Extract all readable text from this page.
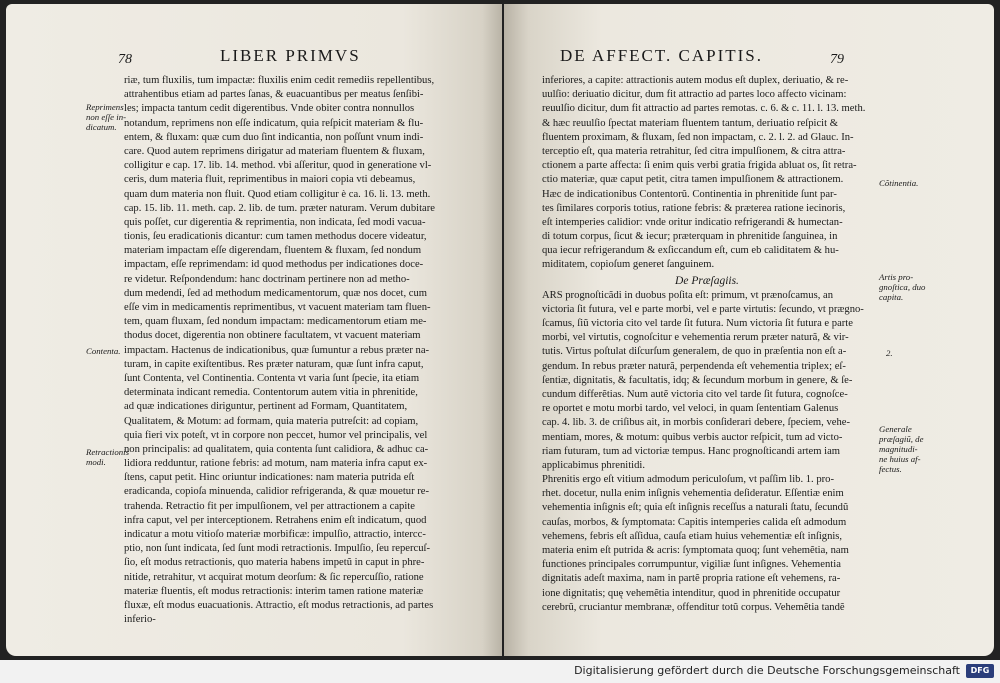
78	LIBER PRIMVS
Reprimens
non eſſe in-
dicatum.
Contenta.
Retractionis
modi.
riæ, tum fluxilis, tum impactæ: fluxilis enim cedit remediis repellentibus,
attrahentibus etiam ad partes ſanas, & euacuantibus per meatus ſenſibi-
les; impacta tantum cedit digerentibus. Vnde obiter contra nonnullos
notandum, reprimens non eſſe indicatum, quia reſpicit materiam & flu-
entem, & fluxam: quæ cum duo ſint indicantia, non poſſunt vnum indi-
care. Quod autem reprimens dirigatur ad materiam fluentem & fluxam,
colligitur e cap. 17. lib. 14. method. vbi aſſeritur, quod in generatione vl-
ceris, dum materia fluit, reprimentibus in maiori copia vti debeamus,
quam dum materia non fluit. Quod etiam colligitur è ca. 16. li. 13. meth.
cap. 15. lib. 11. meth. cap. 2. lib. de tum. præter naturam. Verum dubitare
quis poſſet, cur digerentia & reprimentia, non indicata, ſed modi vacua-
tionis, ſeu eradicationis dicantur: cum tamen methodus docere videatur,
materiam impactam eſſe digerendam, fluentem & fluxam, ſed nondum
impactam, eſſe reprimendam: id quod methodus per indicationes doce-
re videtur. Reſpondendum: hanc doctrinam pertinere non ad metho-
dum medendi, ſed ad methodum medicamentorum, quæ nos docet, cum
eſſe vim in medicamentis reprimentibus, vt vacuent materiam tam fluen-
tem, quam fluxam, ſed nondum impactam: medicamentorum etiam me-
thodus docet, digerentia non obtinere facultatem, vt vacuent materiam
impactam. Hactenus de indicationibus, quæ ſumuntur a rebus præter na-
turam, in capite exiſtentibus. Res præter naturam, quæ ſunt infra caput,
ſunt Contenta, vel Continentia. Contenta vt varia ſunt ſpecie, ita etiam
determinata indicant remedia. Contentorum autem vitia in phrenitide,
ad quæ indicationes diriguntur, pertinent ad Formam, Quantitatem,
Qualitatem, & Motum: ad formam, quia materia putreſcit: ad copiam,
quia fieri vix poteſt, vt in corpore non peccet, humor vel principalis, vel
non principalis: ad qualitatem, quia contenta ſunt calidiora, & adhuc ca-
lidiora redduntur, ratione febris: ad motum, nam materia infra caput ex-
ſtens, caput petit. Hinc oriuntur indicationes: nam materia putrida eſt
eradicanda, copioſa minuenda, calidior refrigeranda, & quæ mouetur re-
trahenda. Retractio fit per impulſionem, vel per attractionem a capite
infra caput, vel per interceptionem. Retrahens enim eſt indicatum, quod
indicatur a motu vitioſo materiæ morbificæ: impulſio, attractio, intercc-
ptio, non ſunt indicata, ſed ſunt modi retractionis. Impulſio, ſeu repercuſ-
ſio, eſt modus retractionis, quo materia habens impetũ in caput in phre-
nitide, retrahitur, vt acquirat motum deorſum: & ſic repercuſſio, ratione
materiæ fluentis, eſt modus retractionis: interim tamen ratione materiæ
fluxæ, eſt modus euacuationis. Attractio, eſt modus retractionis, ad partes
inferio-
DE AFFECT. CAPITIS.	79
inferiores, a capite: attractionis autem modus eſt duplex, deriuatio, & re-
uulſio: deriuatio dicitur, dum fit attractio ad partes loco affecto vicinam:
reuulſio dicitur, dum fit attractio ad partes remotas. c. 6. & c. 11. l. 13. meth.
& hæc reuulſio ſpectat materiam fluentem tantum, deriuatio reſpicit &
fluentem proximam, & fluxam, ſed non impactam, c. 2. l. 2. ad Glauc. In-
terceptio eſt, qua materia retrahitur, ſed citra impulſionem, & citra attra-
ctionem a parte affecta: ſi enim quis verbi gratia frigida abluat os, ſit retra-
ctio materiæ, quæ caput petit, citra tamen impulſionem & attractionem.
Hæc de indicationibus Contentorũ. Continentia in phrenitide ſunt par-
tes ſimilares corporis totius, ratione febris: & præterea ratione iecinoris,
eſt intemperies calidior: vnde oritur indicatio refrigerandi & humectan-
di totum corpus, ſicut & iecur; præterquam in phrenitide ſanguinea, in
qua iecur refrigerandum & exſiccandum eſt, cum eb caliditatem & hu-
miditatem, copioſum generet ſanguinem.
De Præſagiis.
ARS prognoſticãdi in duobus poſita eſt: primum, vt prænoſcamus, an
victoria ſit futura, vel e parte morbi, vel e parte virtutis: ſecundo, vt prægno-
ſcamus, ſiũ victoria cito vel tarde ſit futura. Num victoria ſit futura e parte
morbi, vel virtutis, cognoſcitur e vehementia rerum præter naturã, & vir-
tutis. Virtus poſtulat diſcurſum generalem, de quo in præſentia non eſt a-
gendum. In rebus præter naturã, perpendenda eſt vehementia triplex; eſ-
ſentiæ, dignitatis, & facultatis, idq; & ſecundum morbum in genere, & ſe-
cundum differẽtias. Num autẽ victoria cito vel tarde ſit futura, cognoſce-
re oportet e motu morbi tardo, vel veloci, in quam ſententiam Galenus
cap. 4. lib. 3. de criſibus ait, in morbis conſiderari debere, ſpeciem, vehe-
mentiam, mores, & motum: quibus verbis auctor reſpicit, tum ad victo-
riam futuram, tum ad victoriæ tempus. Hanc prognoſticandi artem iam
applicabimus phrenitidi.
Phrenitis ergo eſt vitium admodum periculoſum, vt paſſim lib. 1. pro-
rhet. docetur, nulla enim inſignis vehementia deſideratur. Eſſentiæ enim
vehementia inſignis eſt; quia eſt inſignis receſſus a naturali ſtatu, ſecundũ
cauſas, morbos, & ſymptomata: Capitis intemperies calida eſt admodum
vehemens, febris eſt aſſidua, cauſa etiam huius vehementiæ eſt inſignis,
materia enim eſt putrida & acris: ſymptomata quoq; ſunt vehemẽtia, nam
functiones principales corrumpuntur, vigiliæ ſunt inſignes. Vehementia
dignitatis adeſt maxima, nam in partẽ propria ratione eſt vehemens, ra-
ione dignitatis; quę vehemẽtia intenditur, quod in phrenitide occupatur
cerebrũ, cruciantur membranæ, offenditur totũ corpus. Vehemẽtia tandẽ
Cõtinentia.
Artis pro-
gnoſtica, duo
capita.
2.
Generale
præſagiũ, de
magnitudi-
ne huius af-
fectus.
Digitalisierung gefördert durch die Deutsche Forschungsgemeinschaft	DFG
